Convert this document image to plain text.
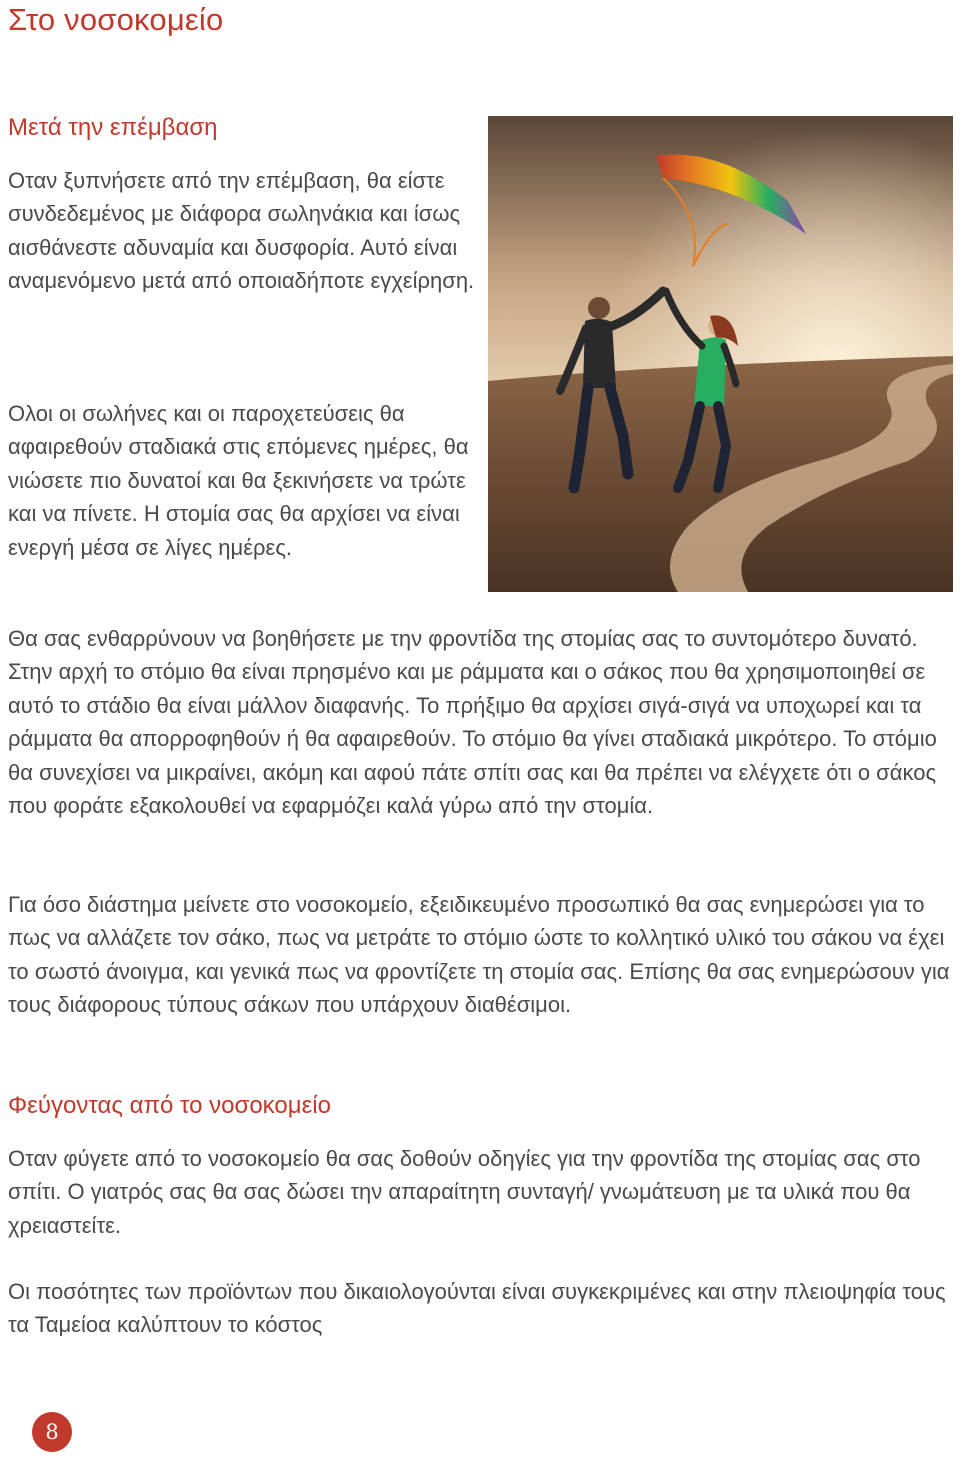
Στο νοσοκομείο
Μετά την επέμβαση

Οταν ξυπνήσετε από την επέμβαση, θα είστε συνδεδεμένος με διάφορα σωληνάκια και ίσως αισθάνεστε αδυναμία και δυσφορία. Αυτό είναι αναμενόμενο μετά από οποιαδήποτε εγχείρηση.

Ολοι οι σωλήνες και οι παροχετεύσεις θα αφαιρεθούν σταδιακά στις επόμενες ημέρες, θα νιώσετε πιο δυνατοί και θα ξεκινήσετε να τρώτε και να πίνετε. Η στομία σας θα αρχίσει να είναι ενεργή μέσα σε λίγες ημέρες.

Θα σας ενθαρρύνουν να βοηθήσετε με την φροντίδα της στομίας σας το συντομότερο δυνατό. Στην αρχή το στόμιο θα είναι πρησμένο και με ράμματα και ο σάκος που θα χρησιμοποιηθεί σε αυτό το στάδιο θα είναι μάλλον διαφανής. Το πρήξιμο θα αρχίσει σιγά-σιγά να υποχωρεί και τα ράμματα θα απορροφηθούν ή θα αφαιρεθούν. Το στόμιο θα γίνει σταδιακά μικρότερο. Το στόμιο θα συνεχίσει να μικραίνει, ακόμη και αφού πάτε σπίτι σας και θα πρέπει να ελέγχετε ότι ο σάκος που φοράτε εξακολουθεί να εφαρμόζει καλά γύρω από την στομία.

Για όσο διάστημα μείνετε στο νοσοκομείο, εξειδικευμένο προσωπικό θα σας ενημερώσει για το πως να αλλάζετε τον σάκο, πως να μετράτε το στόμιο ώστε το κολλητικό υλικό του σάκου να έχει το σωστό άνοιγμα, και γενικά πως να φροντίζετε τη στομία σας. Επίσης θα σας ενημερώσουν για τους διάφορους τύπους σάκων που υπάρχουν διαθέσιμοι.

Φεύγοντας από το νοσοκομείο

Οταν φύγετε από το νοσοκομείο θα σας δοθούν οδηγίες για την φροντίδα της στομίας σας στο σπίτι. Ο γιατρός σας θα σας δώσει την απαραίτητη συνταγή/ γνωμάτευση με τα υλικά που θα χρειαστείτε.

Οι ποσότητες των προϊόντων που δικαιολογούνται είναι συγκεκριμένες και στην πλειοψηφία τους τα Ταμείοα καλύπτουν το κόστος

8
